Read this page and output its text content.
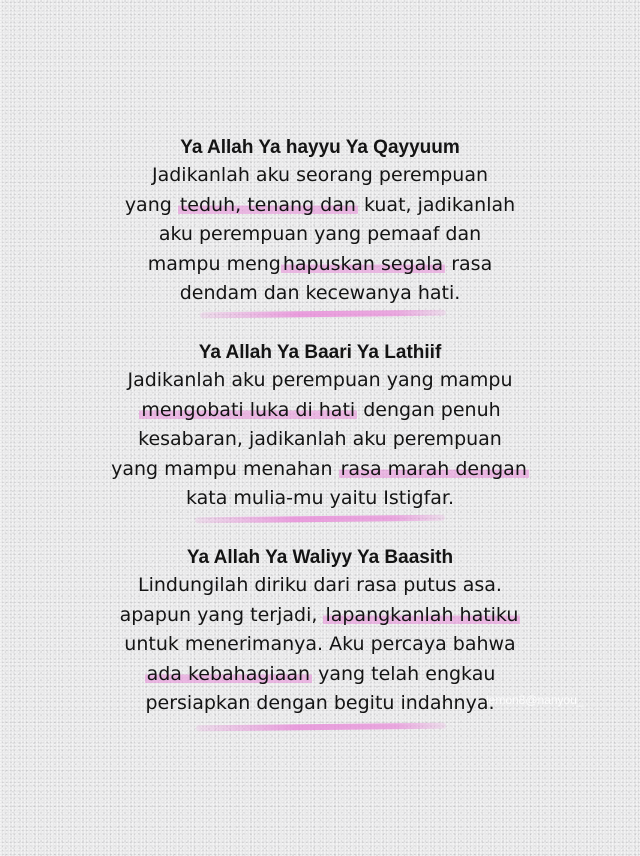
Ya Allah Ya hayyu Ya Qayyuum
Jadikanlah aku seorang perempuan
yang teduh, tenang dan kuat, jadikanlah
aku perempuan yang pemaaf dan
mampu meng hapuskan segala rasa
dendam dan kecewanya hati.
Ya Allah Ya Baari Ya Lathiif
Jadikanlah aku perempuan yang mampu
mengobati luka di hati dengan penuh
kesabaran, jadikanlah aku perempuan
yang mampu menahan rasa marah dengan
kata mulia-mu yaitu Istigfar.
Ya Allah Ya Waliyy Ya Baasith
Lindungilah diriku dari rasa putus asa.
apapun yang terjadi, lapangkanlah hatiku
untuk menerimanya. Aku percaya bahwa
ada kebahagiaan yang telah engkau
persiapkan dengan begitu indahnya.
lemon8@nanyou_
